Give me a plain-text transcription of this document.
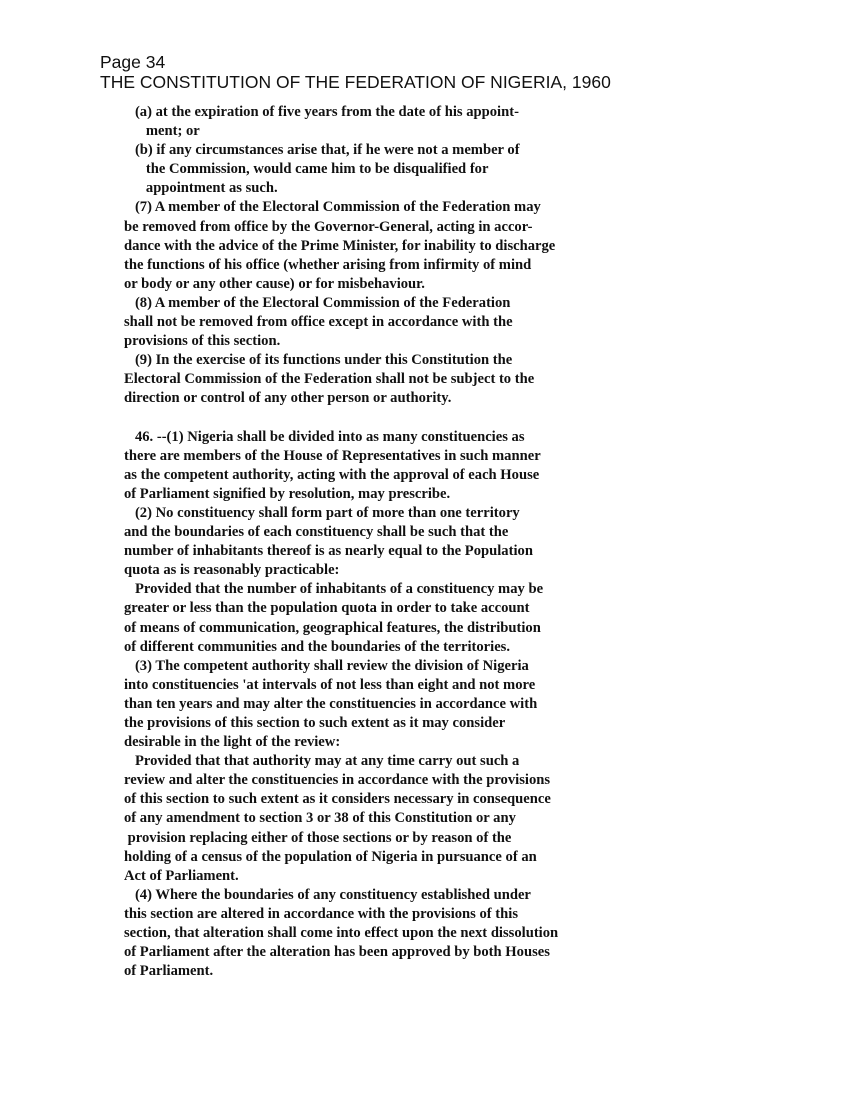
Page 34
THE CONSTITUTION OF THE FEDERATION OF NIGERIA, 1960
(a) at the expiration of five years from the date of his appoint-
ment; or
(b) if any circumstances arise that, if he were not a member of
the Commission, would came him to be disqualified for
appointment as such.
(7) A member of the Electoral Commission of the Federation may
be removed from office by the Governor-General, acting in accor-
dance with the advice of the Prime Minister, for inability to discharge
the functions of his office (whether arising from infirmity of mind
or body or any other cause) or for misbehaviour.
(8) A member of the Electoral Commission of the Federation
shall not be removed from office except in accordance with the
provisions of this section.
(9) In the exercise of its functions under this Constitution the
Electoral Commission of the Federation shall not be subject to the
direction or control of any other person or authority.
46. --(1) Nigeria shall be divided into as many constituencies as
there are members of the House of Representatives in such manner
as the competent authority, acting with the approval of each House
of Parliament signified by resolution, may prescribe.
(2) No constituency shall form part of more than one territory
and the boundaries of each constituency shall be such that the
number of inhabitants thereof is as nearly equal to the Population
quota as is reasonably practicable:
Provided that the number of inhabitants of a constituency may be
greater or less than the population quota in order to take account
of means of communication, geographical features, the distribution
of different communities and the boundaries of the territories.
(3) The competent authority shall review the division of Nigeria
into constituencies 'at intervals of not less than eight and not more
than ten years and may alter the constituencies in accordance with
the provisions of this section to such extent as it may consider
desirable in the light of the review:
Provided that that authority may at any time carry out such a
review and alter the constituencies in accordance with the provisions
of this section to such extent as it considers necessary in consequence
of any amendment to section 3 or 38 of this Constitution or any
provision replacing either of those sections or by reason of the
holding of a census of the population of Nigeria in pursuance of an
Act of Parliament.
(4) Where the boundaries of any constituency established under
this section are altered in accordance with the provisions of this
section, that alteration shall come into effect upon the next dissolution
of Parliament after the alteration has been approved by both Houses
of Parliament.
